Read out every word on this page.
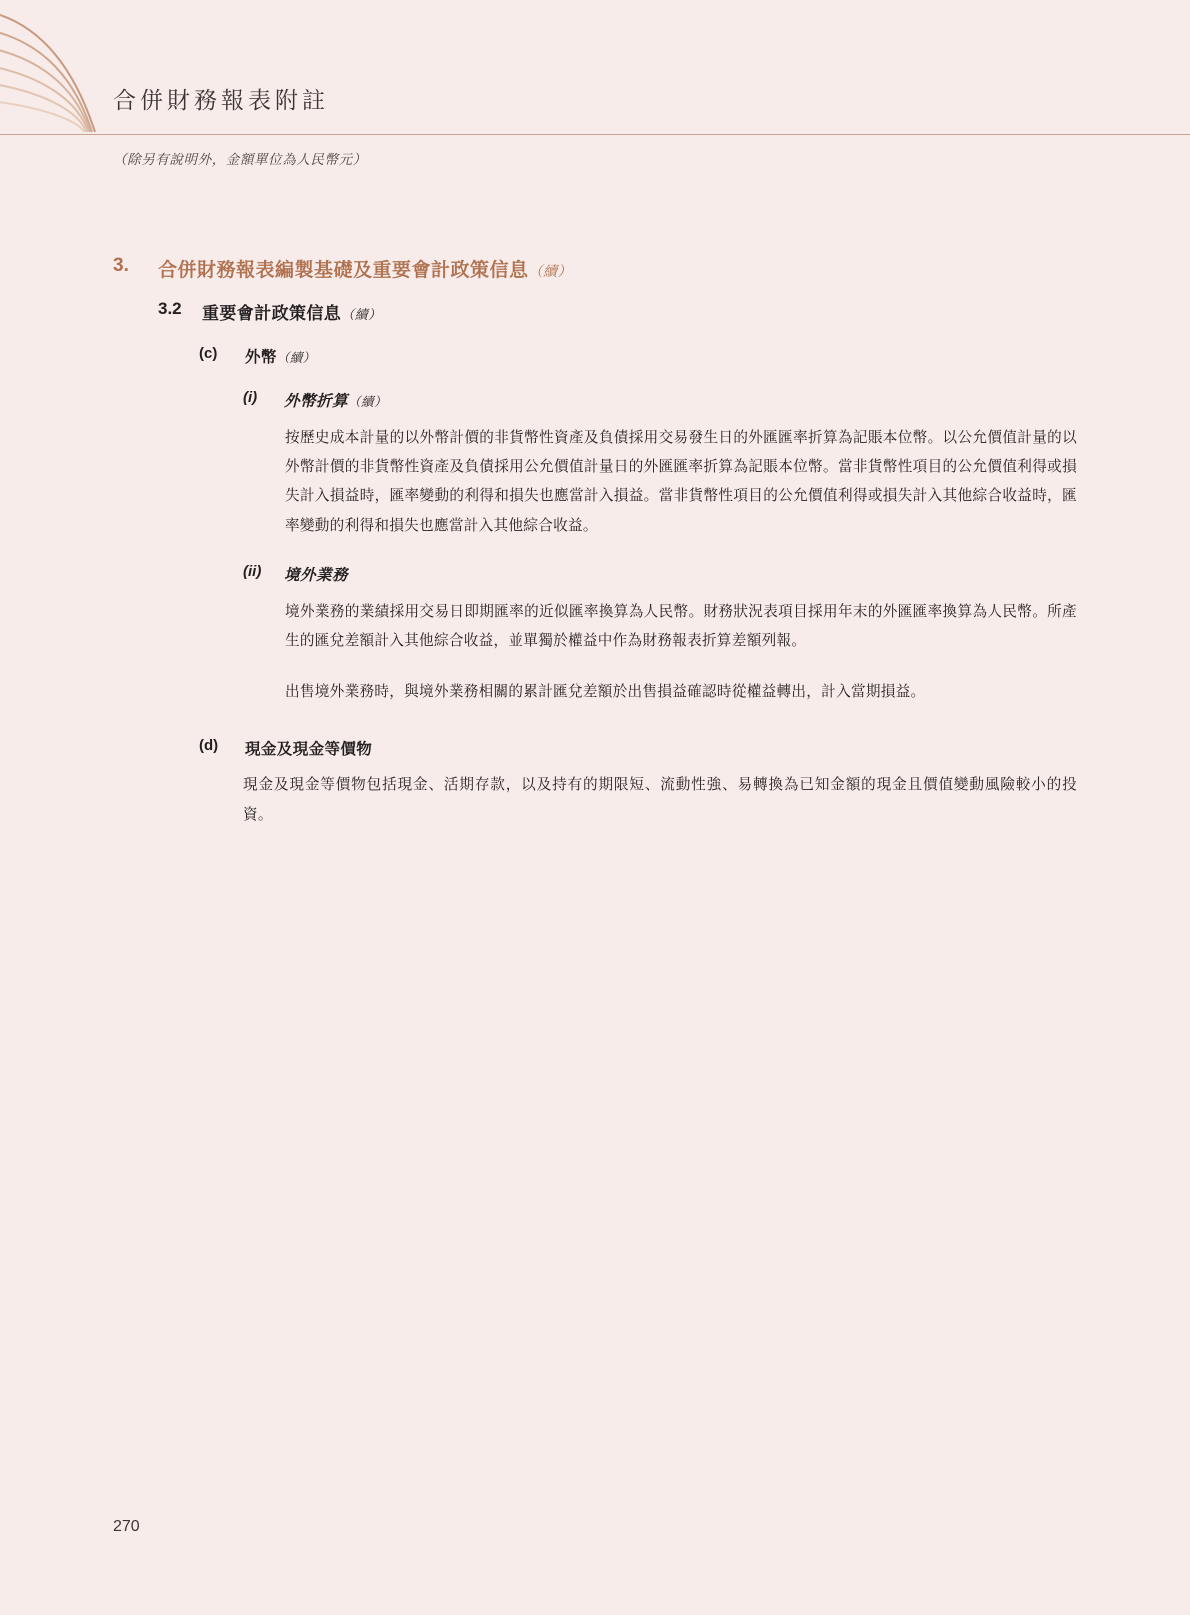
合併財務報表附註
（除另有說明外，金額單位為人民幣元）
3.	合併財務報表編製基礎及重要會計政策信息（續）
3.2	重要會計政策信息（續）
(c)	外幣（續）
(i)	外幣折算（續）
按歷史成本計量的以外幣計價的非貨幣性資產及負債採用交易發生日的外匯匯率折算為記賬本位幣。以公允價值計量的以外幣計價的非貨幣性資產及負債採用公允價值計量日的外匯匯率折算為記賬本位幣。當非貨幣性項目的公允價值利得或損失計入損益時，匯率變動的利得和損失也應當計入損益。當非貨幣性項目的公允價值利得或損失計入其他綜合收益時，匯率變動的利得和損失也應當計入其他綜合收益。
(ii)	境外業務
境外業務的業績採用交易日即期匯率的近似匯率換算為人民幣。財務狀況表項目採用年末的外匯匯率換算為人民幣。所產生的匯兌差額計入其他綜合收益，並單獨於權益中作為財務報表折算差額列報。
出售境外業務時，與境外業務相關的累計匯兌差額於出售損益確認時從權益轉出，計入當期損益。
(d)	現金及現金等價物
現金及現金等價物包括現金、活期存款，以及持有的期限短、流動性強、易轉換為已知金額的現金且價值變動風險較小的投資。
270
